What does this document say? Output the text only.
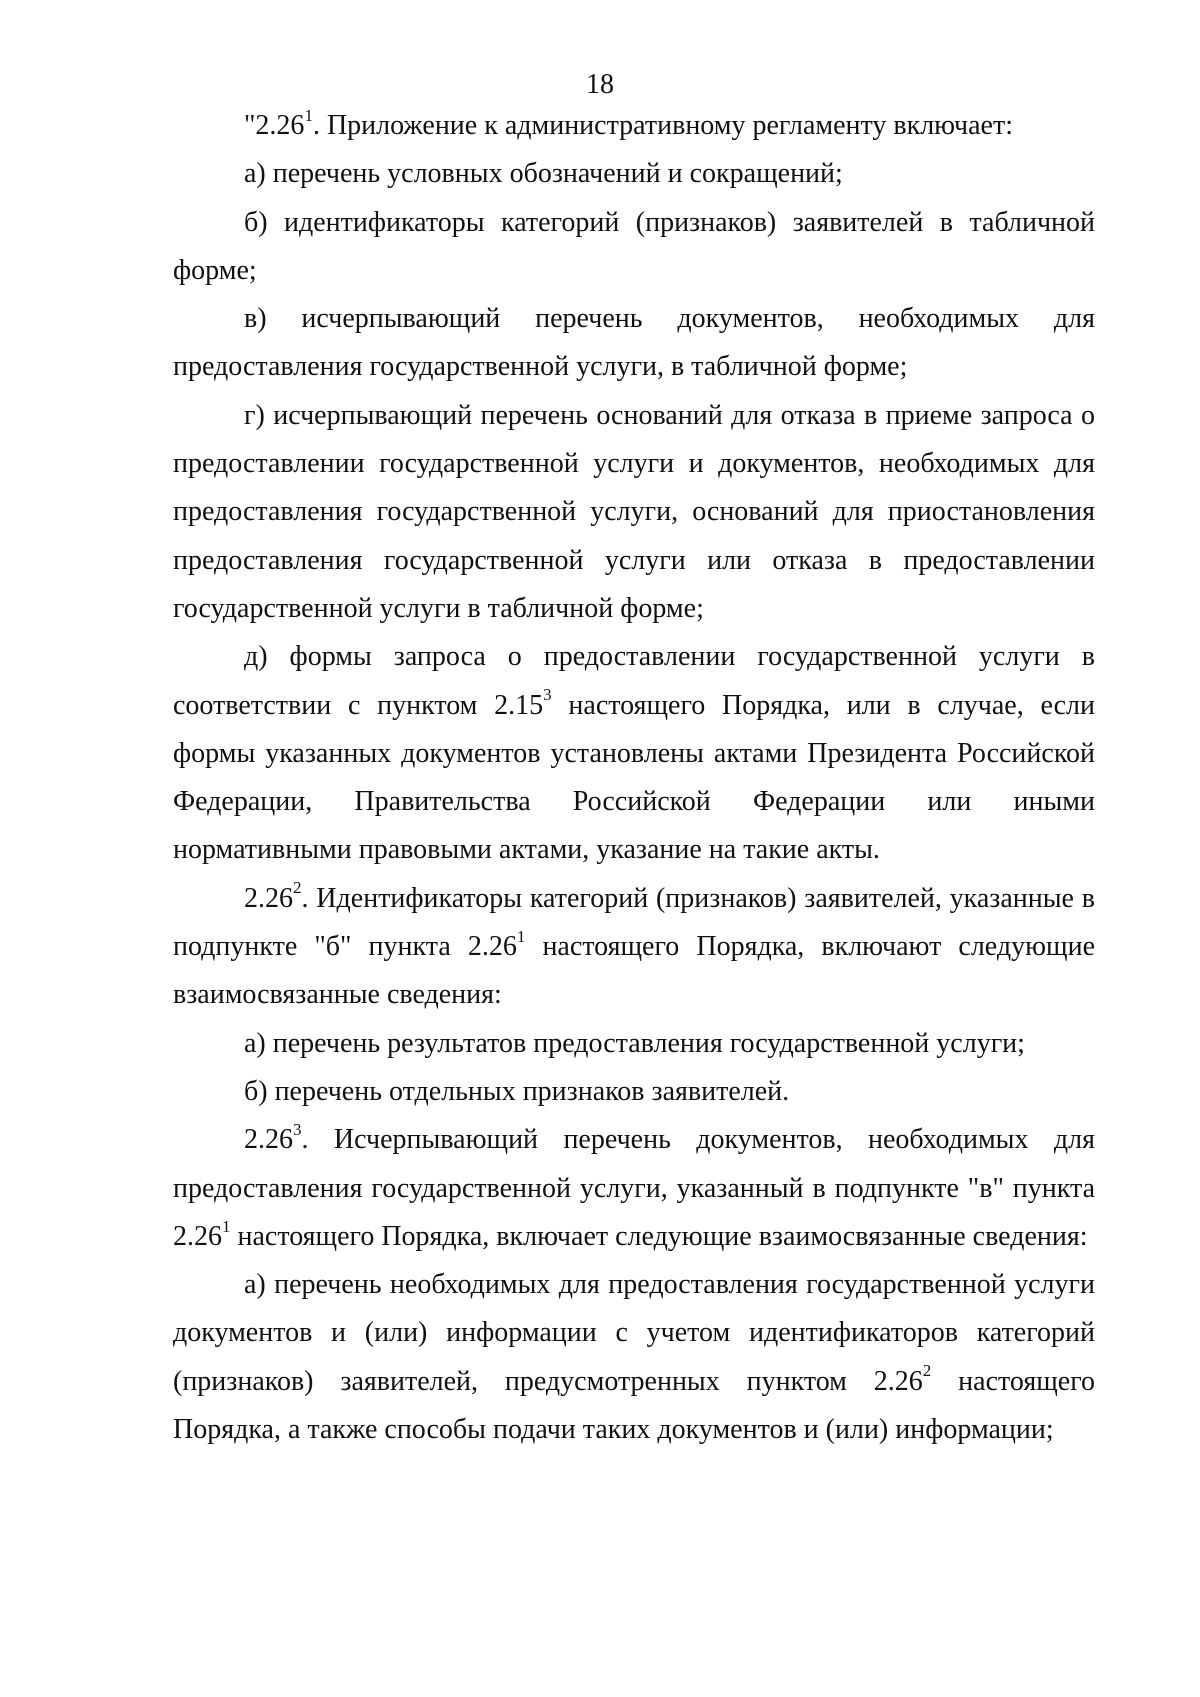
18

"2.26$^1$. Приложение к административному регламенту включает:

а) перечень условных обозначений и сокращений;

б) идентификаторы категорий (признаков) заявителей в табличной форме;

в) исчерпывающий перечень документов, необходимых для предоставления государственной услуги, в табличной форме;

г) исчерпывающий перечень оснований для отказа в приеме запроса о предоставлении государственной услуги и документов, необходимых для предоставления государственной услуги, оснований для приостановления предоставления государственной услуги или отказа в предоставлении государственной услуги в табличной форме;

д) формы запроса о предоставлении государственной услуги в соответствии с пунктом 2.15$^3$ настоящего Порядка, или в случае, если формы указанных документов установлены актами Президента Российской Федерации, Правительства Российской Федерации или иными нормативными правовыми актами, указание на такие акты.

2.26$^2$. Идентификаторы категорий (признаков) заявителей, указанные в подпункте "б" пункта 2.26$^1$ настоящего Порядка, включают следующие взаимосвязанные сведения:

а) перечень результатов предоставления государственной услуги;

б) перечень отдельных признаков заявителей.

2.26$^3$. Исчерпывающий перечень документов, необходимых для предоставления государственной услуги, указанный в подпункте "в" пункта 2.26$^1$ настоящего Порядка, включает следующие взаимосвязанные сведения:

а) перечень необходимых для предоставления государственной услуги документов и (или) информации с учетом идентификаторов категорий (признаков) заявителей, предусмотренных пунктом 2.26$^2$ настоящего Порядка, а также способы подачи таких документов и (или) информации;
